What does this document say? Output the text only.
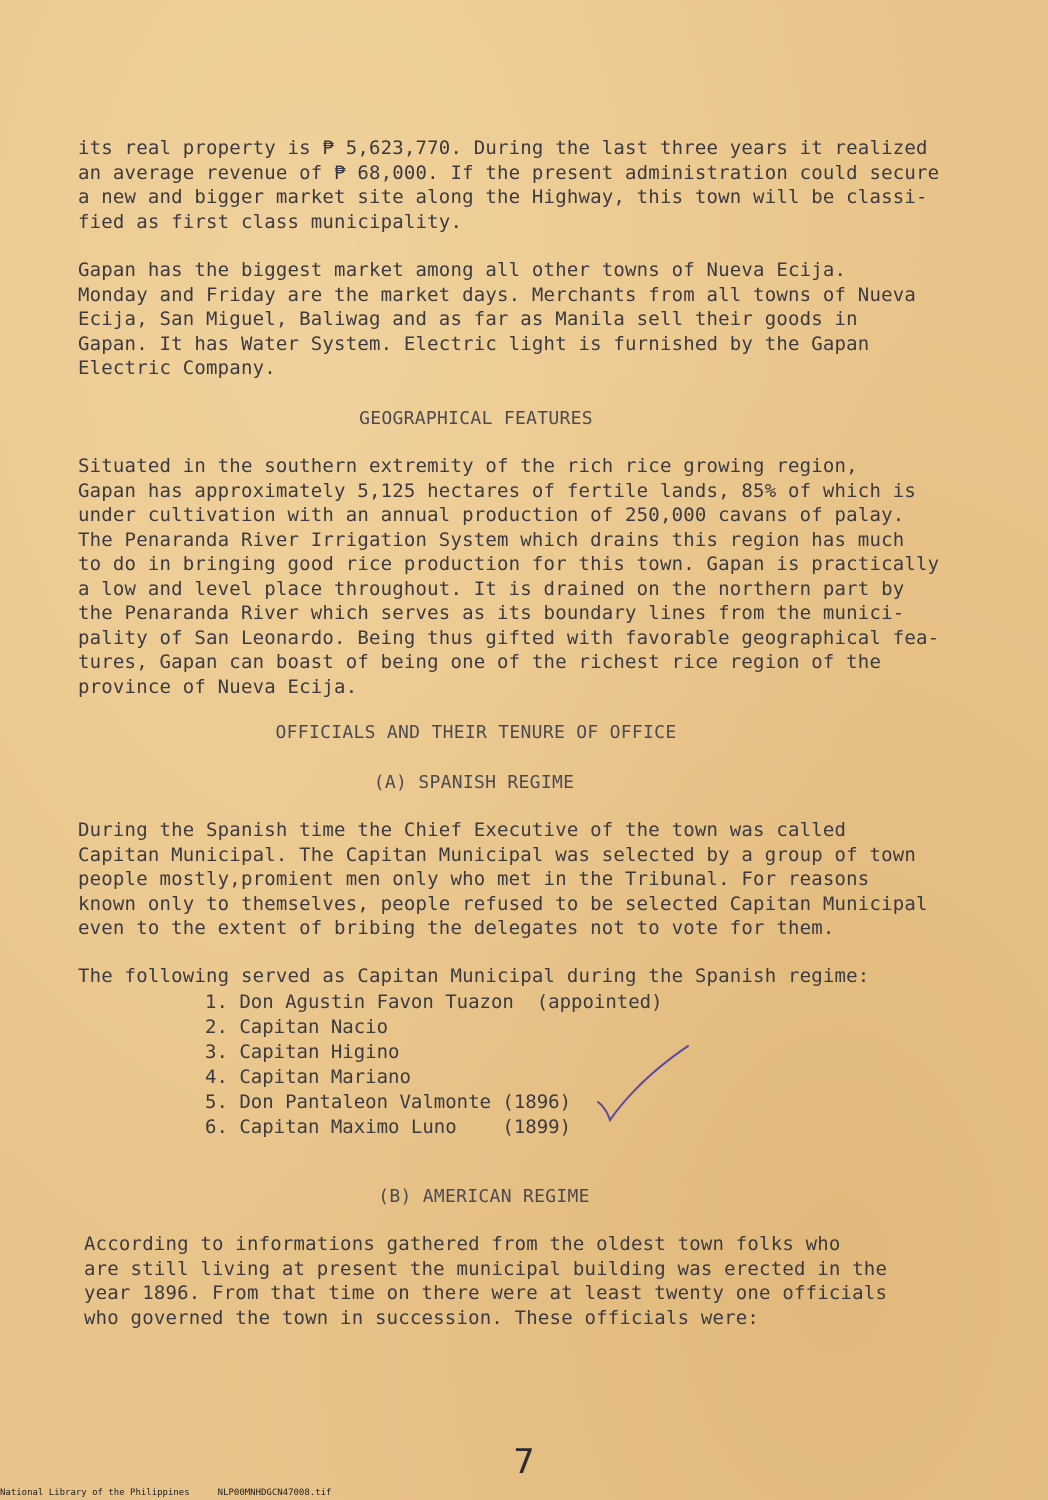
its real property is ₱ 5,623,770. During the last three years it realized
an average revenue of ₱ 68,000. If the present administration could secure
a new and bigger market site along the Highway, this town will be classi-
fied as first class municipality.
Gapan has the biggest market among all other towns of Nueva Ecija.
Monday and Friday are the market days. Merchants from all towns of Nueva
Ecija, San Miguel, Baliwag and as far as Manila sell their goods in
Gapan. It has Water System. Electric light is furnished by the Gapan
Electric Company.
GEOGRAPHICAL FEATURES
Situated in the southern extremity of the rich rice growing region,
Gapan has approximately 5,125 hectares of fertile lands, 85% of which is
under cultivation with an annual production of 250,000 cavans of palay.
The Penaranda River Irrigation System which drains this region has much
to do in bringing good rice production for this town. Gapan is practically
a low and level place throughout. It is drained on the northern part by
the Penaranda River which serves as its boundary lines from the munici-
pality of San Leonardo. Being thus gifted with favorable geographical fea-
tures, Gapan can boast of being one of the richest rice region of the
province of Nueva Ecija.
OFFICIALS AND THEIR TENURE OF OFFICE
(A) SPANISH REGIME
During the Spanish time the Chief Executive of the town was called
Capitan Municipal. The Capitan Municipal was selected by a group of town
people mostly,promient men only who met in the Tribunal. For reasons
known only to themselves, people refused to be selected Capitan Municipal
even to the extent of bribing the delegates not to vote for them.
The following served as Capitan Municipal during the Spanish regime:
1. Don Agustin Favon Tuazon  (appointed)
2. Capitan Nacio
3. Capitan Higino
4. Capitan Mariano
5. Don Pantaleon Valmonte (1896)
6. Capitan Maximo Luno    (1899)
(B) AMERICAN REGIME
According to informations gathered from the oldest town folks who
are still living at present the municipal building was erected in the
year 1896. From that time on there were at least twenty one officials
who governed the town in succession. These officials were:
7
National Library of the Philippines	NLP00MNHDGCN47008.tif
